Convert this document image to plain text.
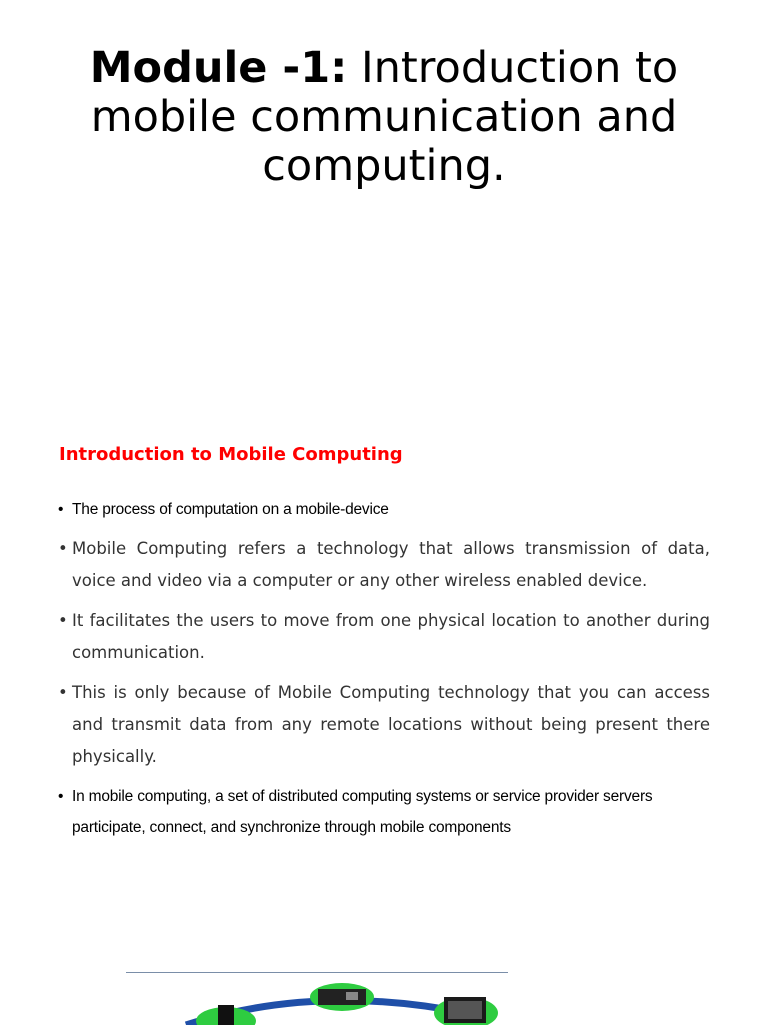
Module -1: Introduction to mobile communication and computing.
Introduction to Mobile Computing
• The process of computation on a mobile-device
• Mobile Computing refers a technology that allows transmission of data, voice and video via a computer or any other wireless enabled device.
• It facilitates the users to move from one physical location to another during communication.
• This is only because of Mobile Computing technology that you can access and transmit data from any remote locations without being present there physically.
• In mobile computing, a set of distributed computing systems or service provider servers participate, connect, and synchronize through mobile components
